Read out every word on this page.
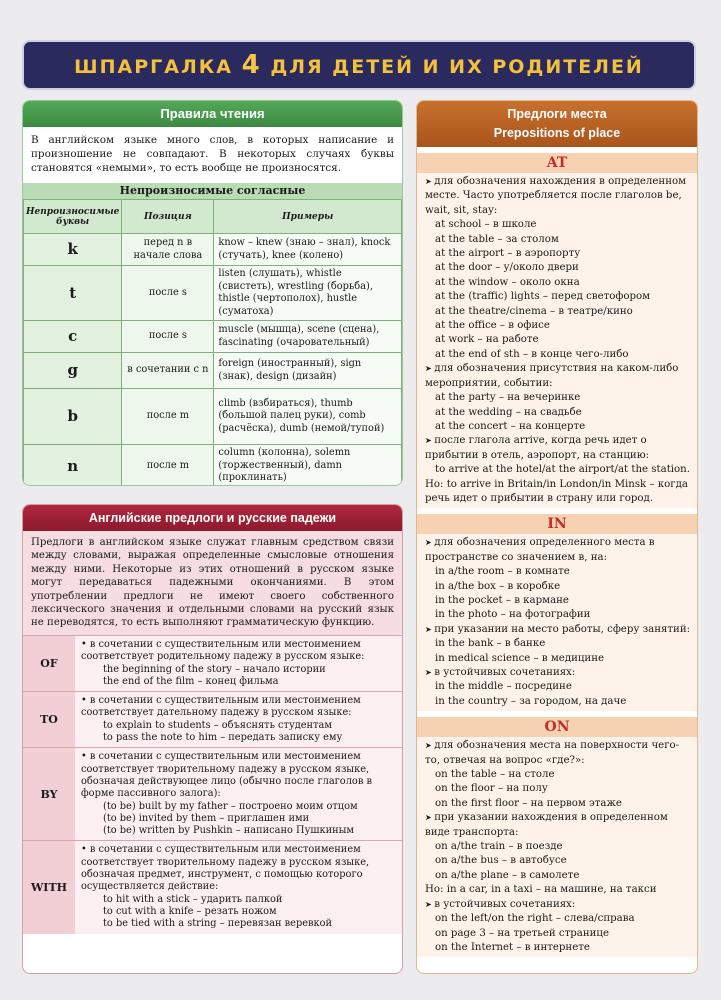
ШПАРГАЛКА 4 ДЛЯ ДЕТЕЙ И ИХ РОДИТЕЛЕЙ
Правила чтения
В английском языке много слов, в которых написание и произношение не совпадают. В некоторых случаях буквы становятся «немыми», то есть вообще не произносятся.
Непроизносимые согласные
Непроизносимые буквы	Позиция	Примеры
k	перед n в начале слова	know – knew (знаю – знал), knock (стучать), knee (колено)
t	после s	listen (слушать), whistle (свистеть), wrestling (борьба), thistle (чертополох), hustle (суматоха)
c	после s	muscle (мышца), scene (сцена), fascinating (очаровательный)
g	в сочетании с n	foreign (иностранный), sign (знак), design (дизайн)
b	после m	climb (взбираться), thumb (большой палец руки), comb (расчёска), dumb (немой/тупой)
n	после m	column (колонна), solemn (торжественный), damn (проклинать)
Английские предлоги и русские падежи
Предлоги в английском языке служат главным средством связи между словами, выражая определенные смысловые отношения между ними. Некоторые из этих отношений в русском языке могут передаваться падежными окончаниями. В этом употреблении предлоги не имеют своего собственного лексического значения и отдельными словами на русский язык не переводятся, то есть выполняют грамматическую функцию.
OF
• в сочетании с существительным или местоимением соответствует родительному падежу в русском языке:
the beginning of the story – начало истории
the end of the film – конец фильма
TO
• в сочетании с существительным или местоимением соответствует дательному падежу в русском языке:
to explain to students – объяснять студентам
to pass the note to him – передать записку ему
BY
• в сочетании с существительным или местоимением соответствует творительному падежу в русском языке, обозначая действующее лицо (обычно после глаголов в форме пассивного залога):
(to be) built by my father – построено моим отцом
(to be) invited by them – приглашен ими
(to be) written by Pushkin – написано Пушкиным
WITH
• в сочетании с существительным или местоимением соответствует творительному падежу в русском языке, обозначая предмет, инструмент, с помощью которого осуществляется действие:
to hit with a stick – ударить палкой
to cut with a knife – резать ножом
to be tied with a string – перевязан веревкой
Предлоги места
Prepositions of place
AT

➤ для обозначения нахождения в определенном месте. Часто употребляется после глаголов be, wait, sit, stay:

at school – в школе

at the table – за столом

at the airport – в аэропорту

at the door – у/около двери

at the window – около окна

at the (traffic) lights – перед светофором

at the theatre/cinema – в театре/кино

at the office – в офисе

at work – на работе

at the end of sth – в конце чего-либо

➤ для обозначения присутствия на каком-либо мероприятии, событии:

at the party – на вечеринке

at the wedding – на свадьбе

at the concert – на концерте

➤ после глагола arrive, когда речь идет о прибытии в отель, аэропорт, на станцию:

to arrive at the hotel/at the airport/at the station.

Но: to arrive in Britain/in London/in Minsk – когда речь идет о прибытии в страну или город.

IN

➤ для обозначения определенного места в пространстве со значением в, на:

in a/the room – в комнате

in a/the box – в коробке

in the pocket – в кармане

in the photo – на фотографии

➤ при указании на место работы, сферу занятий:

in the bank – в банке

in medical science – в медицине

➤ в устойчивых сочетаниях:

in the middle – посредине

in the country – за городом, на даче

ON

➤ для обозначения места на поверхности чего-то, отвечая на вопрос «где?»:

on the table – на столе

on the floor – на полу

on the first floor – на первом этаже

➤ при указании нахождения в определенном виде транспорта:

on a/the train – в поезде

on a/the bus – в автобусе

on a/the plane – в самолете

Но: in a car, in a taxi – на машине, на такси

➤ в устойчивых сочетаниях:

on the left/on the right – слева/справа

on page 3 – на третьей странице

on the Internet – в интернете
